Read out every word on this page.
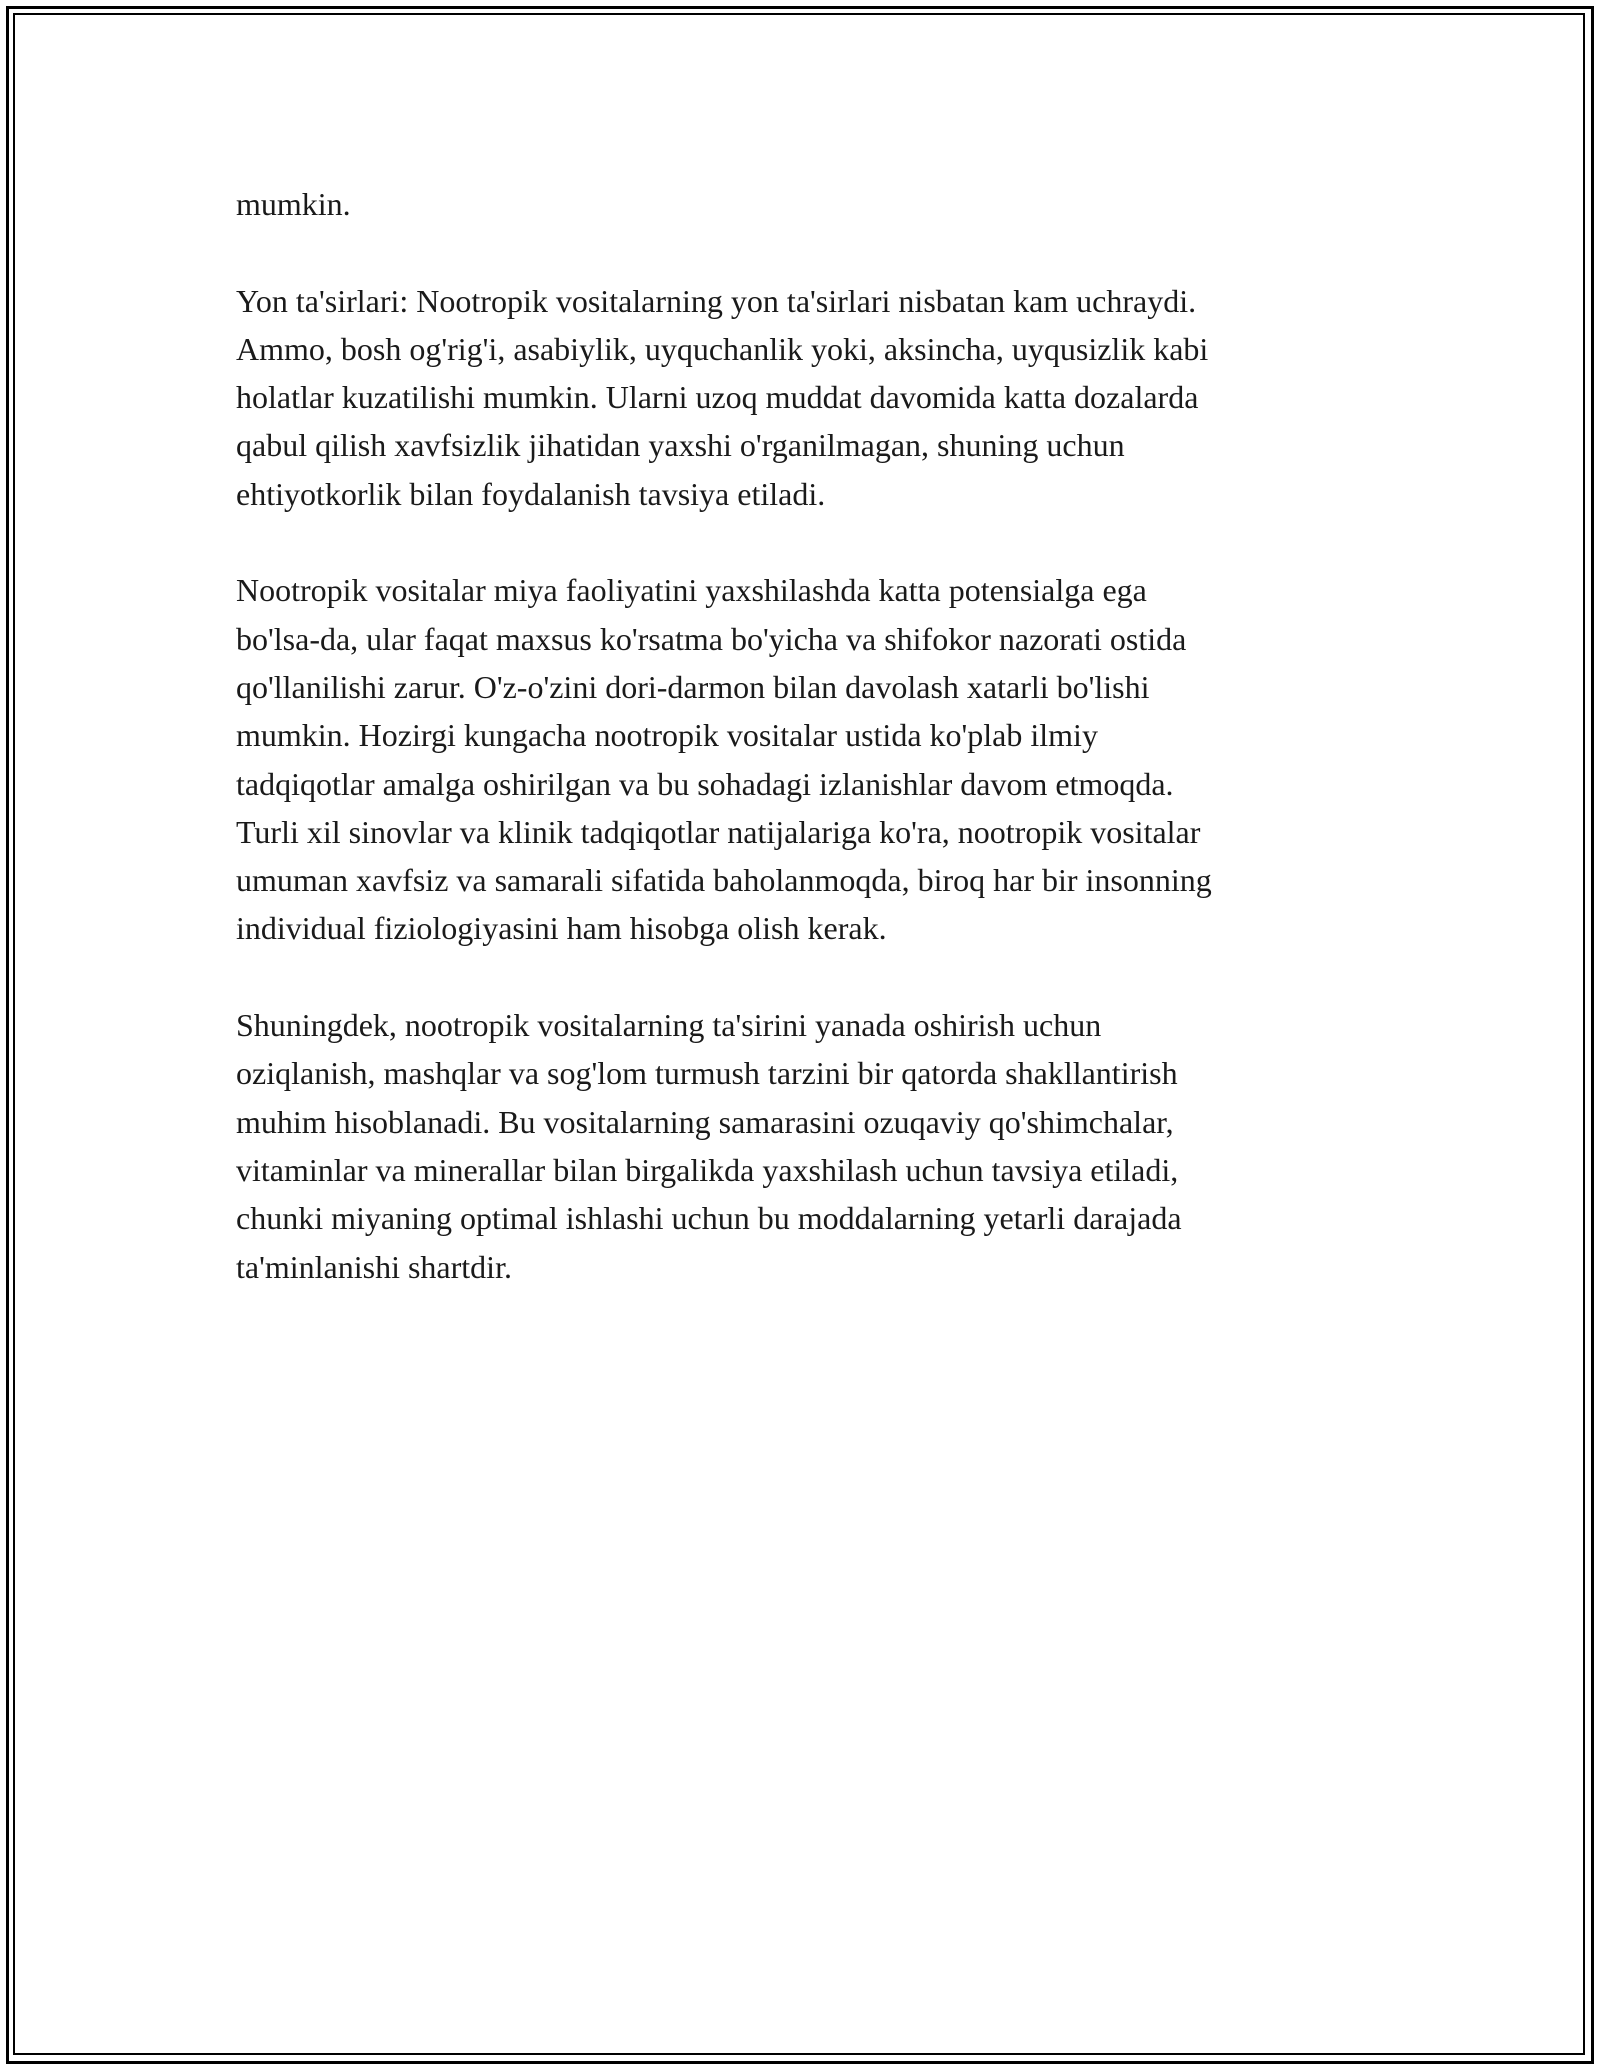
mumkin.

Yon ta'sirlari: Nootropik vositalarning yon ta'sirlari nisbatan kam uchraydi.
Ammo, bosh og'rig'i, asabiylik, uyquchanlik yoki, aksincha, uyqusizlik kabi
holatlar kuzatilishi mumkin. Ularni uzoq muddat davomida katta dozalarda
qabul qilish xavfsizlik jihatidan yaxshi o'rganilmagan, shuning uchun
ehtiyotkorlik bilan foydalanish tavsiya etiladi.

Nootropik vositalar miya faoliyatini yaxshilashda katta potensialga ega
bo'lsa-da, ular faqat maxsus ko'rsatma bo'yicha va shifokor nazorati ostida
qo'llanilishi zarur. O'z-o'zini dori-darmon bilan davolash xatarli bo'lishi
mumkin. Hozirgi kungacha nootropik vositalar ustida ko'plab ilmiy
tadqiqotlar amalga oshirilgan va bu sohadagi izlanishlar davom etmoqda.
Turli xil sinovlar va klinik tadqiqotlar natijalariga ko'ra, nootropik vositalar
umuman xavfsiz va samarali sifatida baholanmoqda, biroq har bir insonning
individual fiziologiyasini ham hisobga olish kerak.

Shuningdek, nootropik vositalarning ta'sirini yanada oshirish uchun
oziqlanish, mashqlar va sog'lom turmush tarzini bir qatorda shakllantirish
muhim hisoblanadi. Bu vositalarning samarasini ozuqaviy qo'shimchalar,
vitaminlar va minerallar bilan birgalikda yaxshilash uchun tavsiya etiladi,
chunki miyaning optimal ishlashi uchun bu moddalarning yetarli darajada
ta'minlanishi shartdir.
